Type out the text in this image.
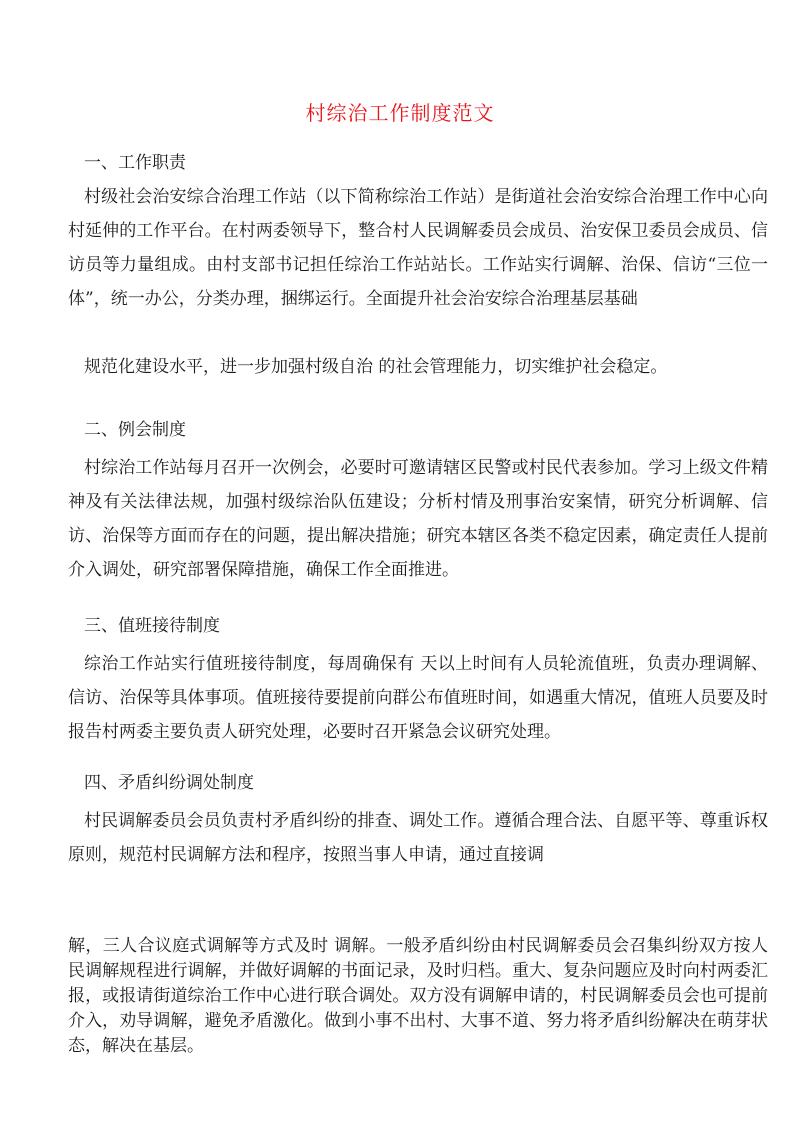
村综治工作制度范文

一、工作职责

村级社会治安综合治理工作站（以下简称综治工作站）是街道社会治安综合治理工作中心向村延伸的工作平台。在村两委领导下，整合村人民调解委员会成员、治安保卫委员会成员、信访员等力量组成。由村支部书记担任综治工作站站长。工作站实行调解、治保、信访“三位一体”，统一办公，分类办理，捆绑运行。全面提升社会治安综合治理基层基础

规范化建设水平，进一步加强村级自治 的社会管理能力，切实维护社会稳定。

二、例会制度

村综治工作站每月召开一次例会，必要时可邀请辖区民警或村民代表参加。学习上级文件精神及有关法律法规，加强村级综治队伍建设；分析村情及刑事治安案情，研究分析调解、信访、治保等方面而存在的问题，提出解决措施；研究本辖区各类不稳定因素，确定责任人提前介入调处，研究部署保障措施，确保工作全面推进。

三、值班接待制度

综治工作站实行值班接待制度，每周确保有 天以上时间有人员轮流值班，负责办理调解、信访、治保等具体事项。值班接待要提前向群公布值班时间，如遇重大情况，值班人员要及时报告村两委主要负责人研究处理，必要时召开紧急会议研究处理。

四、矛盾纠纷调处制度

村民调解委员会员负责村矛盾纠纷的排查、调处工作。遵循合理合法、自愿平等、尊重诉权原则，规范村民调解方法和程序，按照当事人申请，通过直接调

解，三人合议庭式调解等方式及时 调解。一般矛盾纠纷由村民调解委员会召集纠纷双方按人民调解规程进行调解，并做好调解的书面记录，及时归档。重大、复杂问题应及时向村两委汇报，或报请街道综治工作中心进行联合调处。双方没有调解申请的，村民调解委员会也可提前介入，劝导调解，避免矛盾激化。做到小事不出村、大事不道、努力将矛盾纠纷解决在萌芽状态，解决在基层。
